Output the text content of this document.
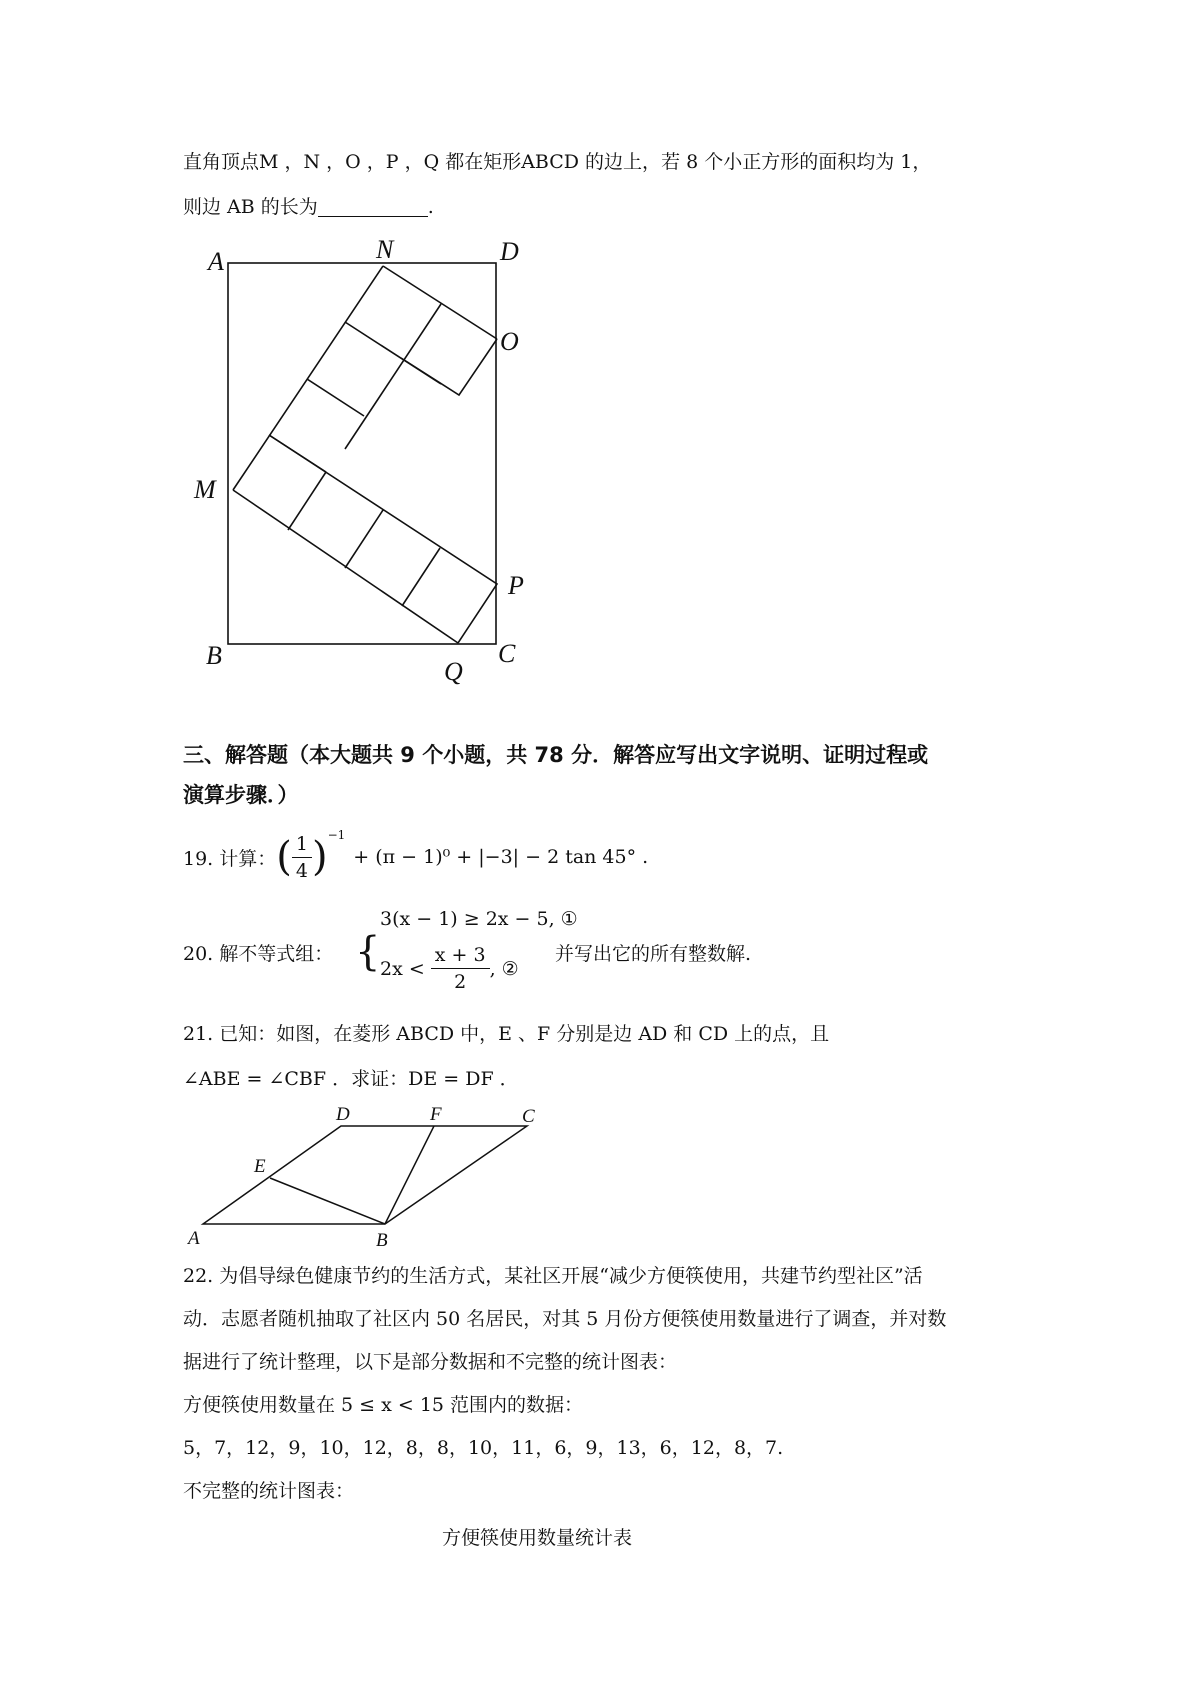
直角顶点M ，N ，O ，P ，Q 都在矩形ABCD 的边上，若 8 个小正方形的面积均为 1，
则边 AB 的长为	.
A	N	D
O
M
P
B
Q
C
三、解答题（本大题共 9 个小题，共 78 分．解答应写出文字说明、证明过程或
演算步骤．）
19. 计算： ( $\frac{1}{4}$ ) −1
+ (π − 1)⁰ + |−3| − 2 tan 45° .
20. 解不等式组： {
3(x − 1) ≥ 2x − 5, ①
$2x < \frac{x + 3}{2}$ , ②
并写出它的所有整数解.
21. 已知：如图，在菱形 ABCD 中，E 、F 分别是边 AD 和 CD 上的点，且
∠ABE = ∠CBF ．求证：DE = DF ．
D	F	C
E
A	B
22. 为倡导绿色健康节约的生活方式，某社区开展“减少方便筷使用，共建节约型社区”活
动．志愿者随机抽取了社区内 50 名居民，对其 5 月份方便筷使用数量进行了调查，并对数
据进行了统计整理，以下是部分数据和不完整的统计图表：
方便筷使用数量在 5 ≤ x < 15 范围内的数据：
5，7，12，9，10，12，8，8，10，11，6，9，13，6，12，8，7.
不完整的统计图表：
方便筷使用数量统计表
